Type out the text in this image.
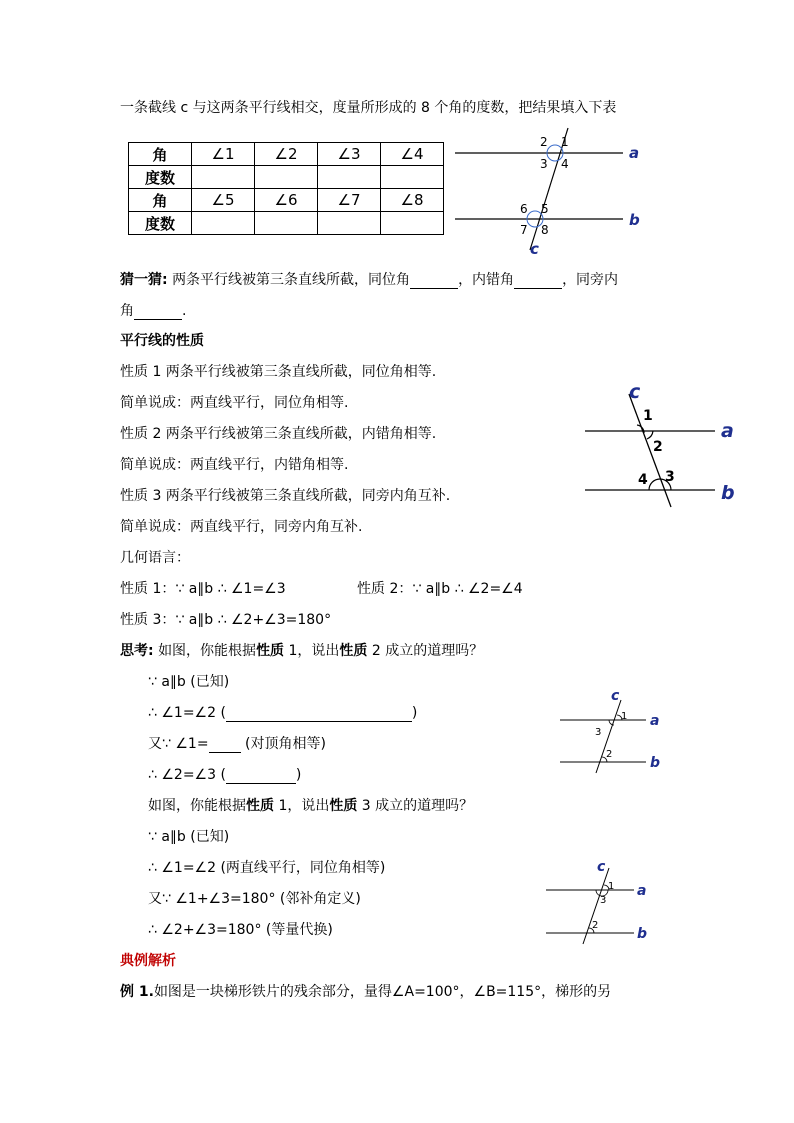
一条截线 c 与这两条平行线相交，度量所形成的 8 个角的度数，把结果填入下表
角	∠1	∠2	∠3	∠4
度数				
角	∠5	∠6	∠7	∠8
度数				
2 1
3 4
6 5
7 8
a
b
c
猜一猜: 两条平行线被第三条直线所截，同位角	，内错角	，同旁内
角	.
平行线的性质
性质 1 两条平行线被第三条直线所截，同位角相等.
简单说成：两直线平行，同位角相等.
性质 2 两条平行线被第三条直线所截，内错角相等.
简单说成：两直线平行，内错角相等.
性质 3 两条平行线被第三条直线所截，同旁内角互补.
简单说成：两直线平行，同旁内角互补.
1
2
4 3
a
b
c
几何语言：
性质 1：∵ a∥b ∴ ∠1=∠3	性质 2：∵ a∥b ∴ ∠2=∠4
性质 3：∵ a∥b ∴ ∠2+∠3=180°
思考: 如图，你能根据性质 1，说出性质 2 成立的道理吗？
∵ a∥b (已知)
∴ ∠1=∠2 (	)
又∵ ∠1= (对顶角相等)
∴ ∠2=∠3 (	)
1
3
2
a
b
c
如图，你能根据性质 1，说出性质 3 成立的道理吗？
∵ a∥b (已知)
∴ ∠1=∠2 (两直线平行，同位角相等)
又∵ ∠1+∠3=180° (邻补角定义)
∴ ∠2+∠3=180° (等量代换)
1
3
2
a
b
c
典例解析
例 1.如图是一块梯形铁片的残余部分，量得∠A=100°，∠B=115°，梯形的另
